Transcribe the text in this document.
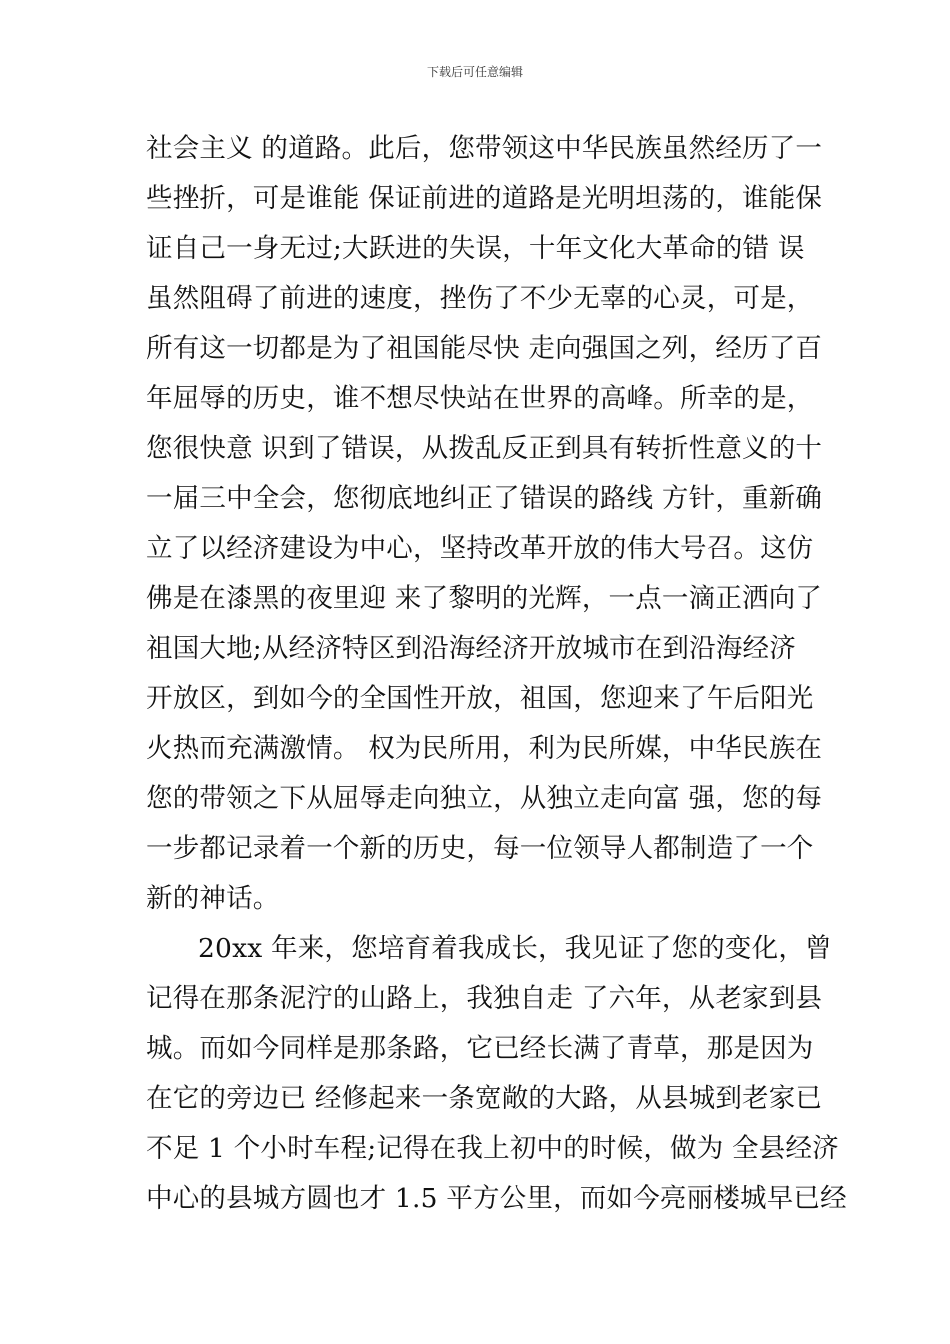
下载后可任意编辑
社会主义 的道路。此后，您带领这中华民族虽然经历了一
些挫折，可是谁能 保证前进的道路是光明坦荡的，谁能保
证自己一身无过;大跃进的失误，十年文化大革命的错 误
虽然阻碍了前进的速度，挫伤了不少无辜的心灵，可是，
所有这一切都是为了祖国能尽快 走向强国之列，经历了百
年屈辱的历史，谁不想尽快站在世界的高峰。所幸的是，
您很快意 识到了错误，从拨乱反正到具有转折性意义的十
一届三中全会，您彻底地纠正了错误的路线 方针，重新确
立了以经济建设为中心，坚持改革开放的伟大号召。这仿
佛是在漆黑的夜里迎 来了黎明的光辉，一点一滴正洒向了
祖国大地;从经济特区到沿海经济开放城市在到沿海经济
开放区，到如今的全国性开放，祖国，您迎来了午后阳光
火热而充满激情。 权为民所用，利为民所媒，中华民族在
您的带领之下从屈辱走向独立，从独立走向富 强，您的每
一步都记录着一个新的历史，每一位领导人都制造了一个
新的神话。
20xx 年来，您培育着我成长，我见证了您的变化，曾
记得在那条泥泞的山路上，我独自走 了六年，从老家到县
城。而如今同样是那条路，它已经长满了青草，那是因为
在它的旁边已 经修起来一条宽敞的大路，从县城到老家已
不足 1 个小时车程;记得在我上初中的时候，做为 全县经济
中心的县城方圆也才 1.5 平方公里，而如今亮丽楼城早已经
